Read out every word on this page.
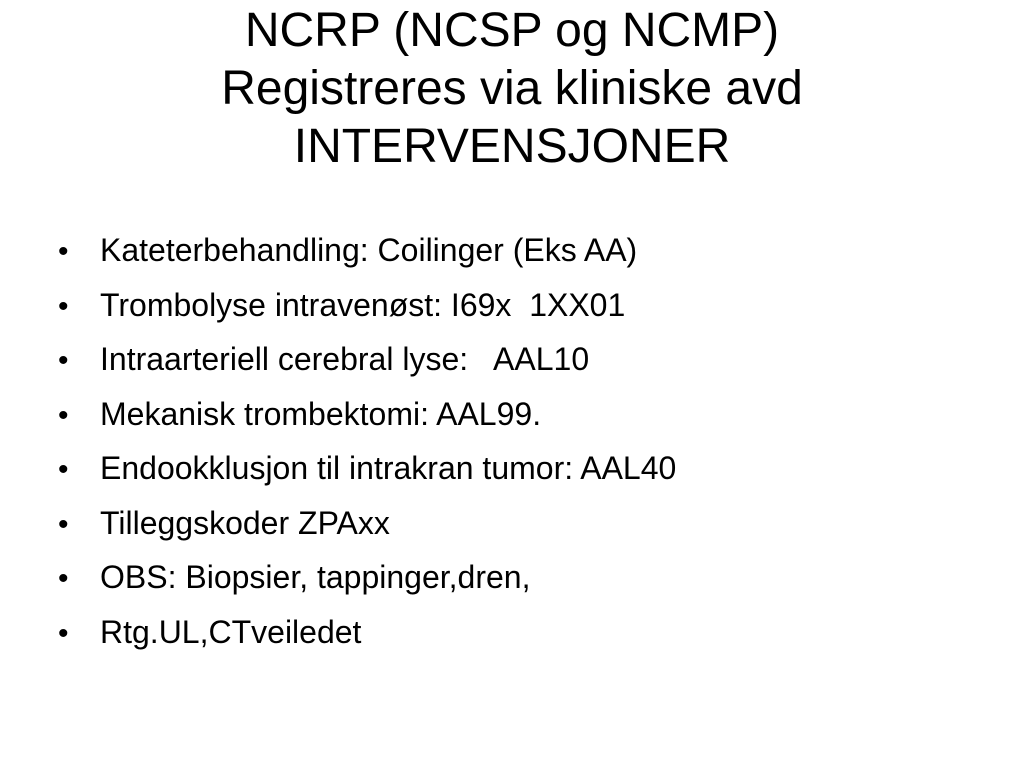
NCRP (NCSP og NCMP)
Registreres via kliniske avd
INTERVENSJONER
• Kateterbehandling: Coilinger (Eks AA)
• Trombolyse intravenøst: I69x  1XX01
• Intraarteriell cerebral lyse:   AAL10
• Mekanisk trombektomi: AAL99.
• Endookklusjon til intrakran tumor: AAL40
• Tilleggskoder ZPAxx
• OBS: Biopsier, tappinger,dren,
• Rtg.UL,CTveiledet
